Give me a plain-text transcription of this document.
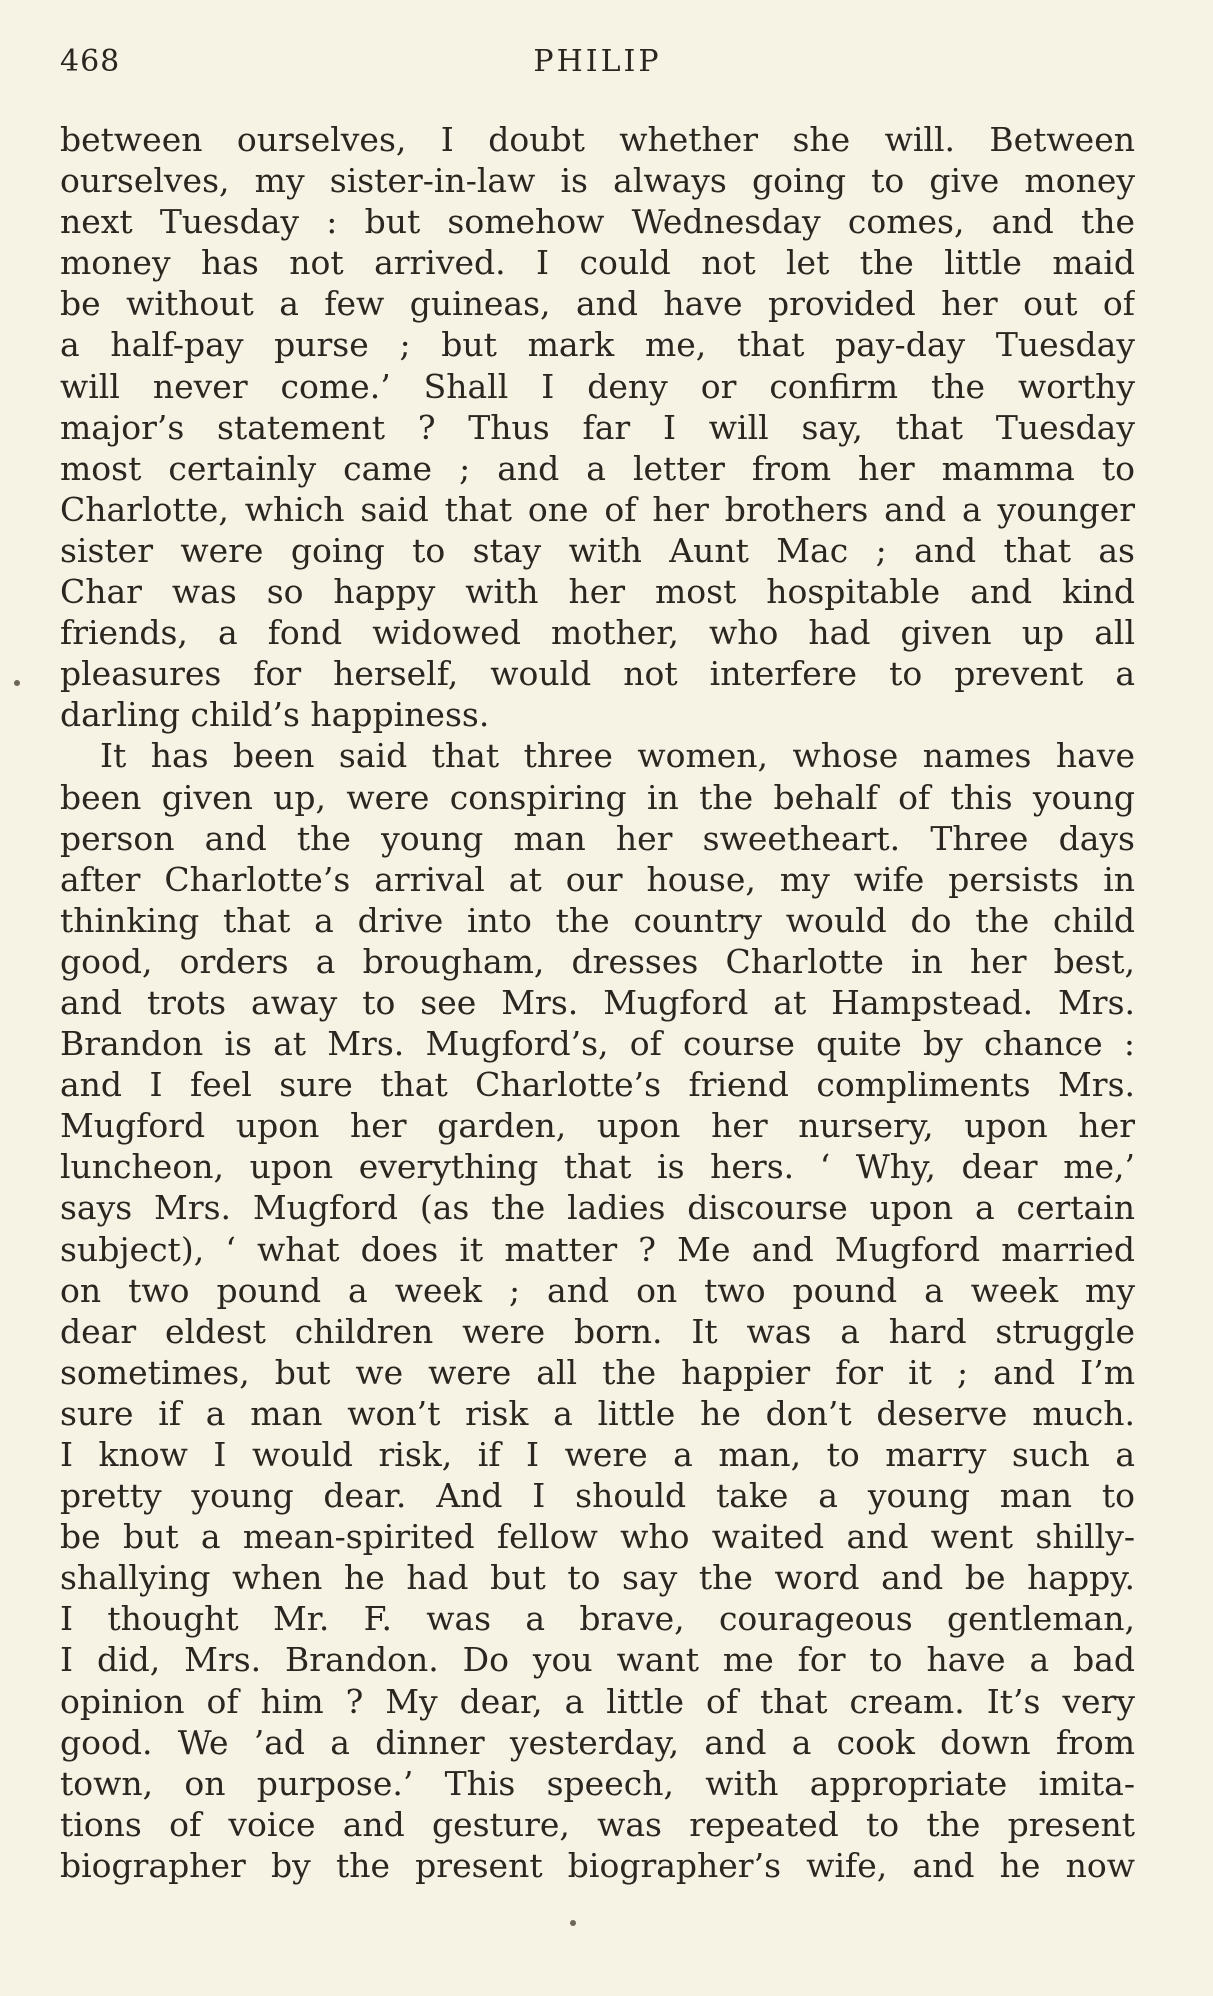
468	PHILIP
between ourselves, I doubt whether she will. Between
ourselves, my sister-in-law is always going to give money
next Tuesday : but somehow Wednesday comes, and the
money has not arrived. I could not let the little maid
be without a few guineas, and have provided her out of
a half-pay purse ; but mark me, that pay-day Tuesday
will never come.’ Shall I deny or confirm the worthy
major’s statement ? Thus far I will say, that Tuesday
most certainly came ; and a letter from her mamma to
Charlotte, which said that one of her brothers and a younger
sister were going to stay with Aunt Mac ; and that as
Char was so happy with her most hospitable and kind
friends, a fond widowed mother, who had given up all
pleasures for herself, would not interfere to prevent a
darling child’s happiness.
It has been said that three women, whose names have
been given up, were conspiring in the behalf of this young
person and the young man her sweetheart. Three days
after Charlotte’s arrival at our house, my wife persists in
thinking that a drive into the country would do the child
good, orders a brougham, dresses Charlotte in her best,
and trots away to see Mrs. Mugford at Hampstead. Mrs.
Brandon is at Mrs. Mugford’s, of course quite by chance :
and I feel sure that Charlotte’s friend compliments Mrs.
Mugford upon her garden, upon her nursery, upon her
luncheon, upon everything that is hers. ‘ Why, dear me,’
says Mrs. Mugford (as the ladies discourse upon a certain
subject), ‘ what does it matter ? Me and Mugford married
on two pound a week ; and on two pound a week my
dear eldest children were born. It was a hard struggle
sometimes, but we were all the happier for it ; and I’m
sure if a man won’t risk a little he don’t deserve much.
I know I would risk, if I were a man, to marry such a
pretty young dear. And I should take a young man to
be but a mean-spirited fellow who waited and went shilly-
shallying when he had but to say the word and be happy.
I thought Mr. F. was a brave, courageous gentleman,
I did, Mrs. Brandon. Do you want me for to have a bad
opinion of him ? My dear, a little of that cream. It’s very
good. We ’ad a dinner yesterday, and a cook down from
town, on purpose.’ This speech, with appropriate imita-
tions of voice and gesture, was repeated to the present
biographer by the present biographer’s wife, and he now
